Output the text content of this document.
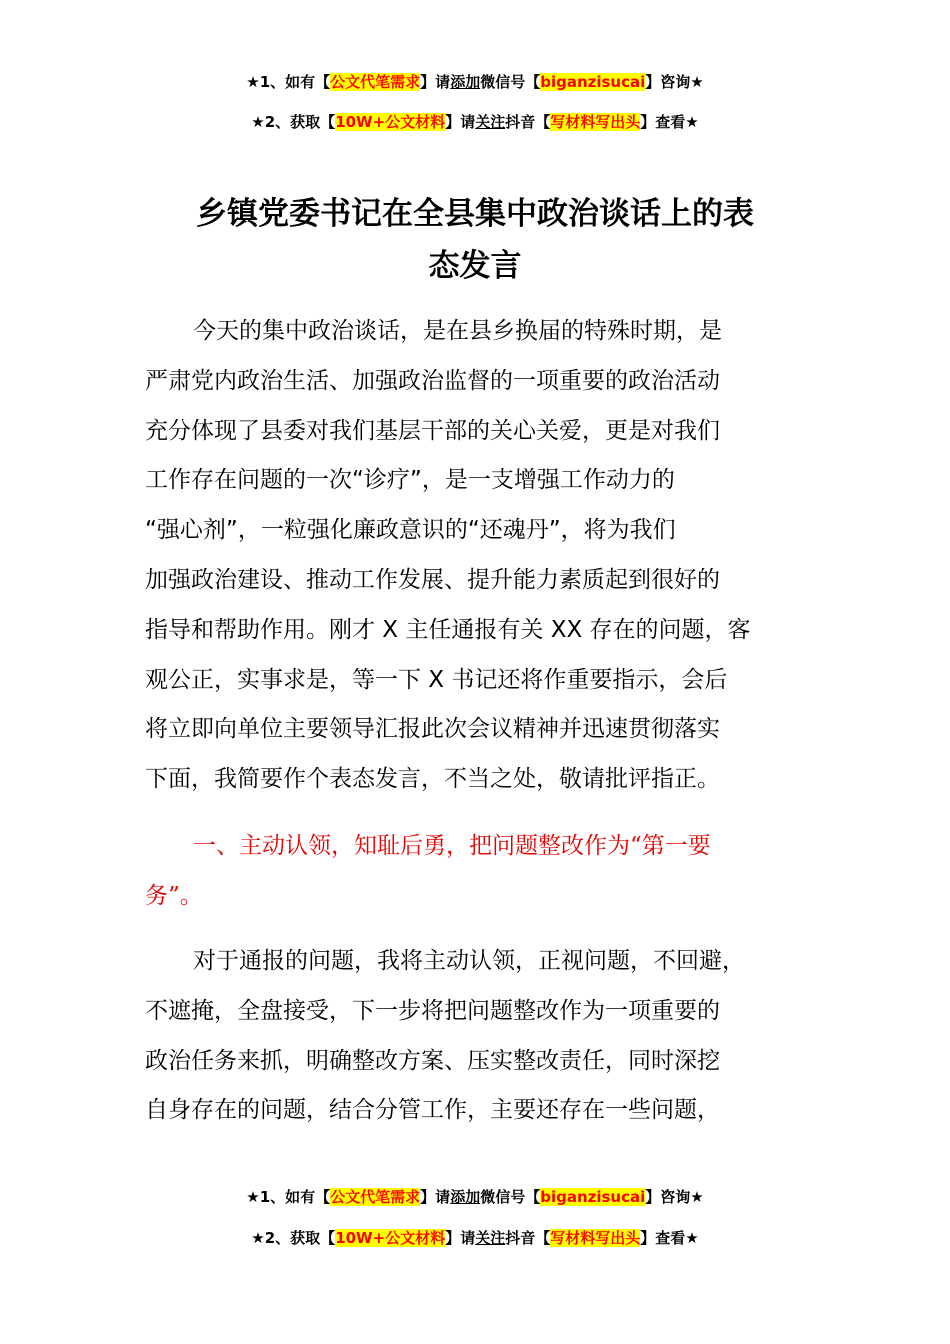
★1、如有【公文代笔需求】请添加微信号【biganzisucai】咨询★
★2、获取【10W+公文材料】请关注抖音【写材料写出头】查看★
乡镇党委书记在全县集中政治谈话上的表
态发言
今天的集中政治谈话，是在县乡换届的特殊时期，是
严肃党内政治生活、加强政治监督的一项重要的政治活动
充分体现了县委对我们基层干部的关心关爱，更是对我们
工作存在问题的一次“诊疗”，是一支增强工作动力的
“强心剂”，一粒强化廉政意识的“还魂丹”，将为我们
加强政治建设、推动工作发展、提升能力素质起到很好的
指导和帮助作用。刚才 X 主任通报有关 XX 存在的问题，客
观公正，实事求是，等一下 X 书记还将作重要指示，会后
将立即向单位主要领导汇报此次会议精神并迅速贯彻落实
下面，我简要作个表态发言，不当之处，敬请批评指正。
一、主动认领，知耻后勇，把问题整改作为“第一要
务”。
对于通报的问题，我将主动认领，正视问题，不回避，
不遮掩，全盘接受，下一步将把问题整改作为一项重要的
政治任务来抓，明确整改方案、压实整改责任，同时深挖
自身存在的问题，结合分管工作，主要还存在一些问题，
★1、如有【公文代笔需求】请添加微信号【biganzisucai】咨询★
★2、获取【10W+公文材料】请关注抖音【写材料写出头】查看★
